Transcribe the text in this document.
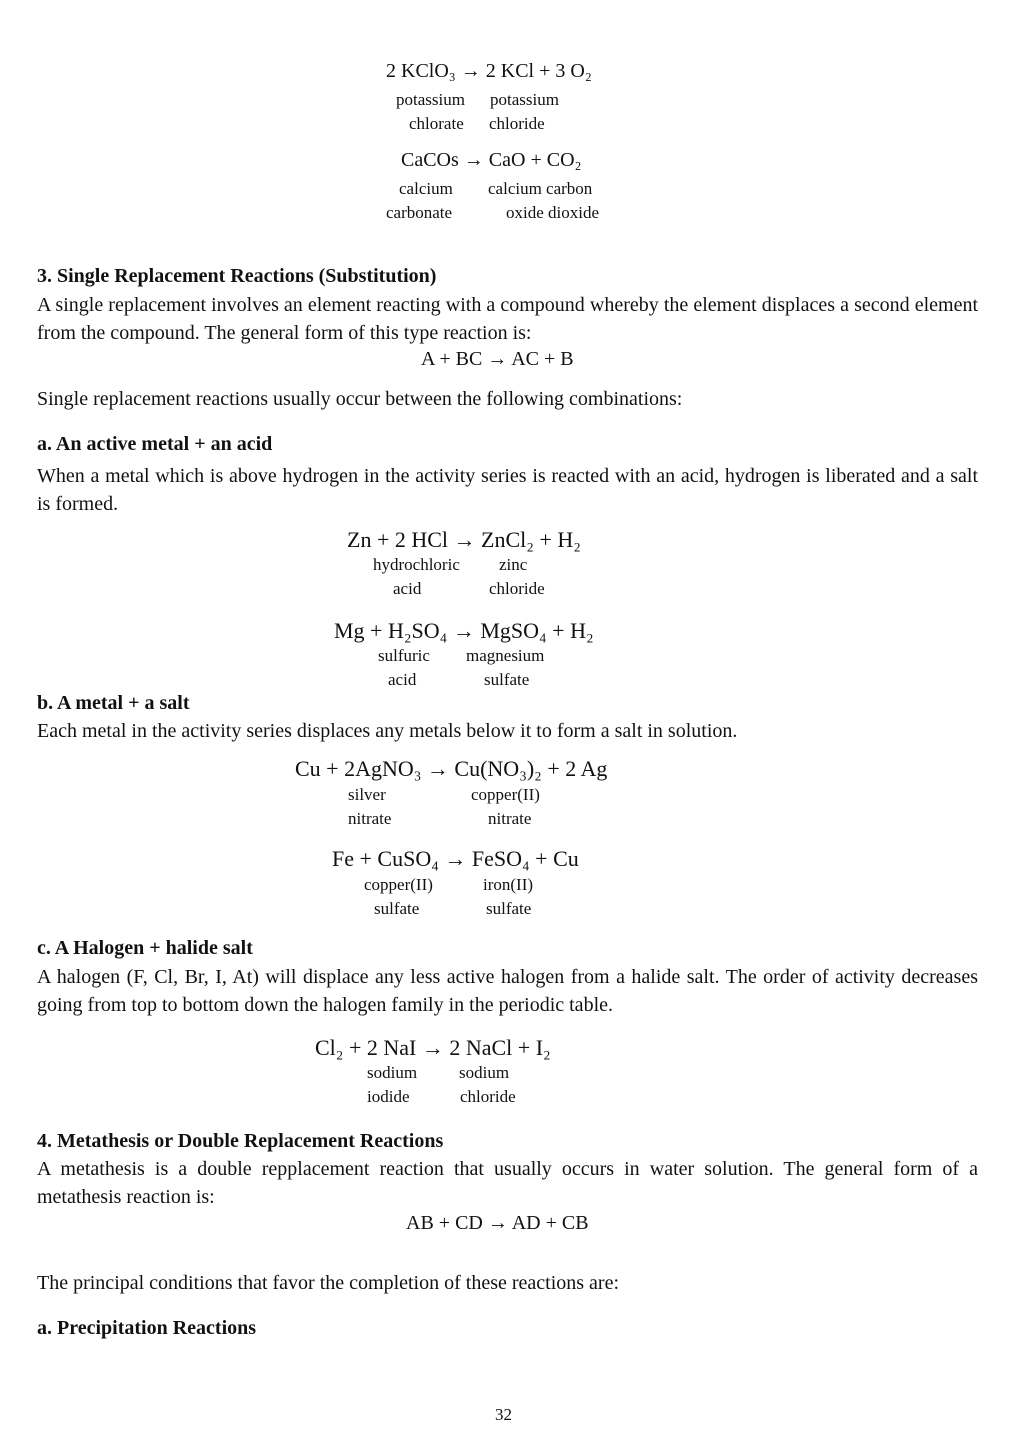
2 KClO₃ → 2 KCl + 3 O₂
potassium
chlorate
potassium
chloride
CaCOs → CaO + CO₂
calcium
carbonate
calcium carbon
oxide dioxide
3. Single Replacement Reactions (Substitution)
A single replacement involves an element reacting with a compound whereby the element displaces a second element from the compound. The general form of this type reaction is:
A + BC → AC + B
Single replacement reactions usually occur between the following combinations:
a. An active metal + an acid
When a metal which is above hydrogen in the activity series is reacted with an acid, hydrogen is liberated and a salt is formed.
Zn + 2 HCl → ZnCl₂ + H₂
hydrochloric
acid
zinc
chloride
Mg + H₂SO₄ → MgSO₄ + H₂
sulfuric
acid
magnesium
sulfate
b. A metal + a salt
Each metal in the activity series displaces any metals below it to form a salt in solution.
Cu + 2AgNO₃ → Cu(NO₃)₂ + 2 Ag
silver
nitrate
copper(II)
nitrate
Fe + CuSO₄ → FeSO₄ + Cu
copper(II)
sulfate
iron(II)
sulfate
c. A Halogen + halide salt
A halogen (F, Cl, Br, I, At) will displace any less active halogen from a halide salt. The order of activity decreases going from top to bottom down the halogen family in the periodic table.
Cl₂ + 2 NaI → 2 NaCl + I₂
sodium
iodide
sodium
chloride
4. Metathesis or Double Replacement Reactions
A metathesis is a double repplacement reaction that usually occurs in water solution. The general form of a metathesis reaction is:
AB + CD → AD + CB
The principal conditions that favor the completion of these reactions are:
a. Precipitation Reactions
32
